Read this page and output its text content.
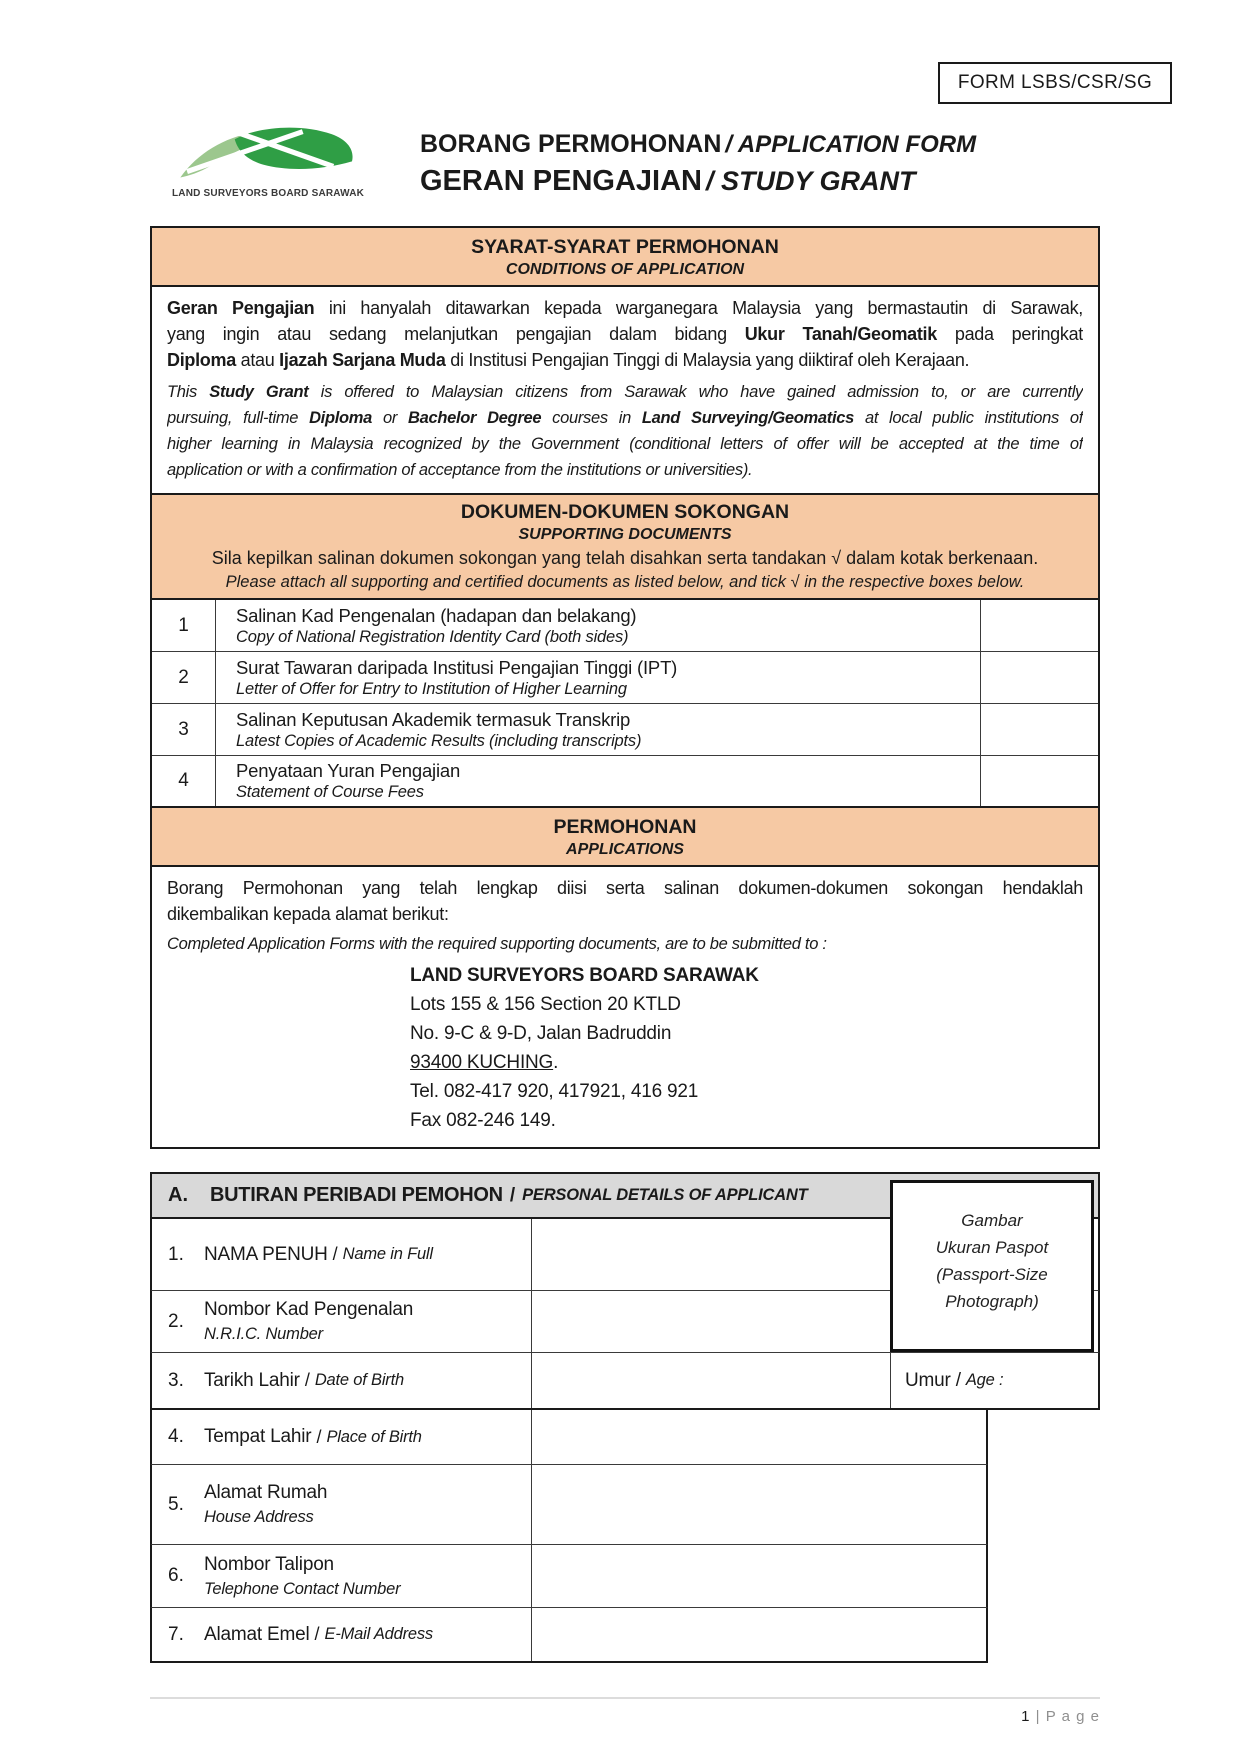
FORM LSBS/CSR/SG
LAND SURVEYORS BOARD SARAWAK
BORANG PERMOHONAN / APPLICATION FORM
GERAN PENGAJIAN / STUDY GRANT
SYARAT-SYARAT PERMOHONAN
CONDITIONS OF APPLICATION
Geran Pengajian ini hanyalah ditawarkan kepada warganegara Malaysia yang bermastautin di Sarawak,
yang ingin atau sedang melanjutkan pengajian dalam bidang Ukur Tanah/Geomatik pada peringkat
Diploma atau Ijazah Sarjana Muda di Institusi Pengajian Tinggi di Malaysia yang diiktiraf oleh Kerajaan.
This Study Grant is offered to Malaysian citizens from Sarawak who have gained admission to, or are currently
pursuing, full-time Diploma or Bachelor Degree courses in Land Surveying/Geomatics at local public institutions of
higher learning in Malaysia recognized by the Government (conditional letters of offer will be accepted at the time of
application or with a confirmation of acceptance from the institutions or universities).
DOKUMEN-DOKUMEN SOKONGAN
SUPPORTING DOCUMENTS
Sila kepilkan salinan dokumen sokongan yang telah disahkan serta tandakan √ dalam kotak berkenaan.
Please attach all supporting and certified documents as listed below, and tick √ in the respective boxes below.
1	Salinan Kad Pengenalan (hadapan dan belakang)
Copy of National Registration Identity Card (both sides)
2	Surat Tawaran daripada Institusi Pengajian Tinggi (IPT)
Letter of Offer for Entry to Institution of Higher Learning
3	Salinan Keputusan Akademik termasuk Transkrip
Latest Copies of Academic Results (including transcripts)
4	Penyataan Yuran Pengajian
Statement of Course Fees
PERMOHONAN
APPLICATIONS
Borang Permohonan yang telah lengkap diisi serta salinan dokumen-dokumen sokongan hendaklah
dikembalikan kepada alamat berikut:
Completed Application Forms with the required supporting documents, are to be submitted to :
LAND SURVEYORS BOARD SARAWAK
Lots 155 & 156 Section 20 KTLD
No. 9-C & 9-D, Jalan Badruddin
93400 KUCHING.
Tel. 082-417 920, 417921, 416 921
Fax 082-246 149.
A.	BUTIRAN PERIBADI PEMOHON / PERSONAL DETAILS OF APPLICANT
1.	NAMA PENUH / Name in Full
2.
Nombor Kad Pengenalan
N.R.I.C. Number
3.	Tarikh Lahir / Date of Birth	Umur / Age :
4.	Tempat Lahir / Place of Birth
5.
Alamat Rumah
House Address
6.
Nombor Talipon
Telephone Contact Number
7.	Alamat Emel / E-Mail Address
Gambar
Ukuran Paspot
(Passport-Size
Photograph)
1 | P a g e
